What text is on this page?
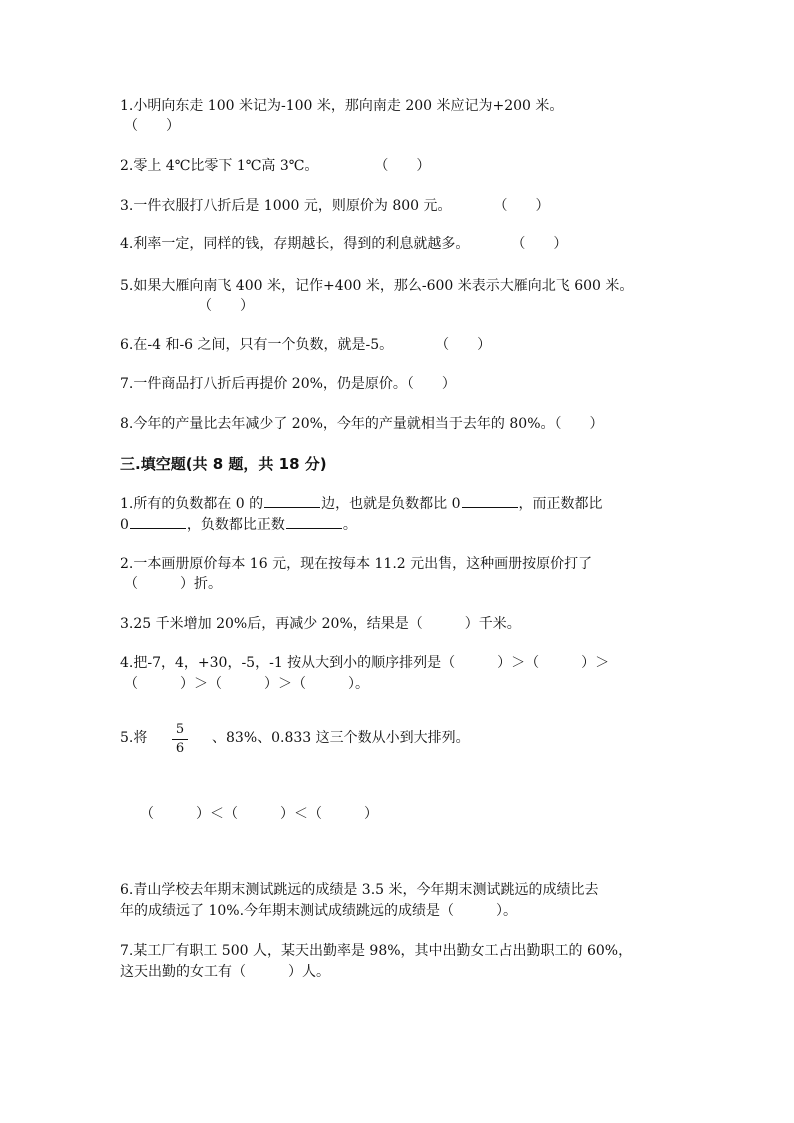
1.小明向东走 100 米记为-100 米，那向南走 200 米应记为+200 米。
（　　）
2.零上 4℃比零下 1℃高 3℃。　　　　　（　　）
3.一件衣服打八折后是 1000 元，则原价为 800 元。　　　　（　　）
4.利率一定，同样的钱，存期越长，得到的利息就越多。　　　　（　　）
5.如果大雁向南飞 400 米，记作+400 米，那么-600 米表示大雁向北飞 600 米。
（　　）
6.在-4 和-6 之间，只有一个负数，就是-5。　　　　（　　）
7.一件商品打八折后再提价 20%，仍是原价。（　　）
8.今年的产量比去年减少了 20%，今年的产量就相当于去年的 80%。（　　）
三.填空题(共 8 题，共 18 分)
1.所有的负数都在 0 的	边，也就是负数都比 0	，而正数都比
0	，负数都比正数	。
2.一本画册原价每本 16 元，现在按每本 11.2 元出售，这种画册按原价打了
（　　　）折。
3.25 千米增加 20%后，再减少 20%，结果是（　　　）千米。
4.把-7，4，+30，-5，-1 按从大到小的顺序排列是（　　　）＞（　　　）＞
（　　　）＞（　　　）＞（　　　）。
5.将
5
6
、83%、0.833 这三个数从小到大排列。
（　　　）＜（　　　）＜（　　　）
6.青山学校去年期末测试跳远的成绩是 3.5 米，今年期末测试跳远的成绩比去
年的成绩远了 10%.今年期末测试成绩跳远的成绩是（　　　）。
7.某工厂有职工 500 人，某天出勤率是 98%，其中出勤女工占出勤职工的 60%，
这天出勤的女工有（　　　）人。
